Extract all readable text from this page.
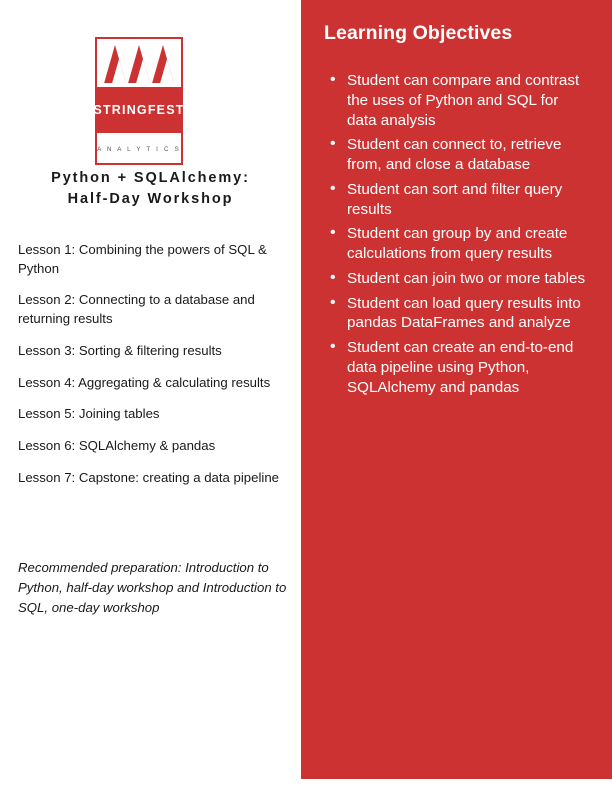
STRINGFEST
A N A L Y T I C S
Python + SQLAlchemy:
Half-Day Workshop
Lesson 1: Combining the powers of SQL & Python
Lesson 2: Connecting to a database and returning results
Lesson 3: Sorting & filtering results
Lesson 4: Aggregating & calculating results
Lesson 5: Joining tables
Lesson 6: SQLAlchemy & pandas
Lesson 7: Capstone: creating a data pipeline
Recommended preparation: Introduction to Python, half-day workshop and Introduction to SQL, one-day workshop
Learning Objectives
• Student can compare and contrast the uses of Python and SQL for data analysis
• Student can connect to, retrieve from, and close a database
• Student can sort and filter query results
• Student can group by and create calculations from query results
• Student can join two or more tables
• Student can load query results into pandas DataFrames and analyze
• Student can create an end-to-end data pipeline using Python, SQLAlchemy and pandas
